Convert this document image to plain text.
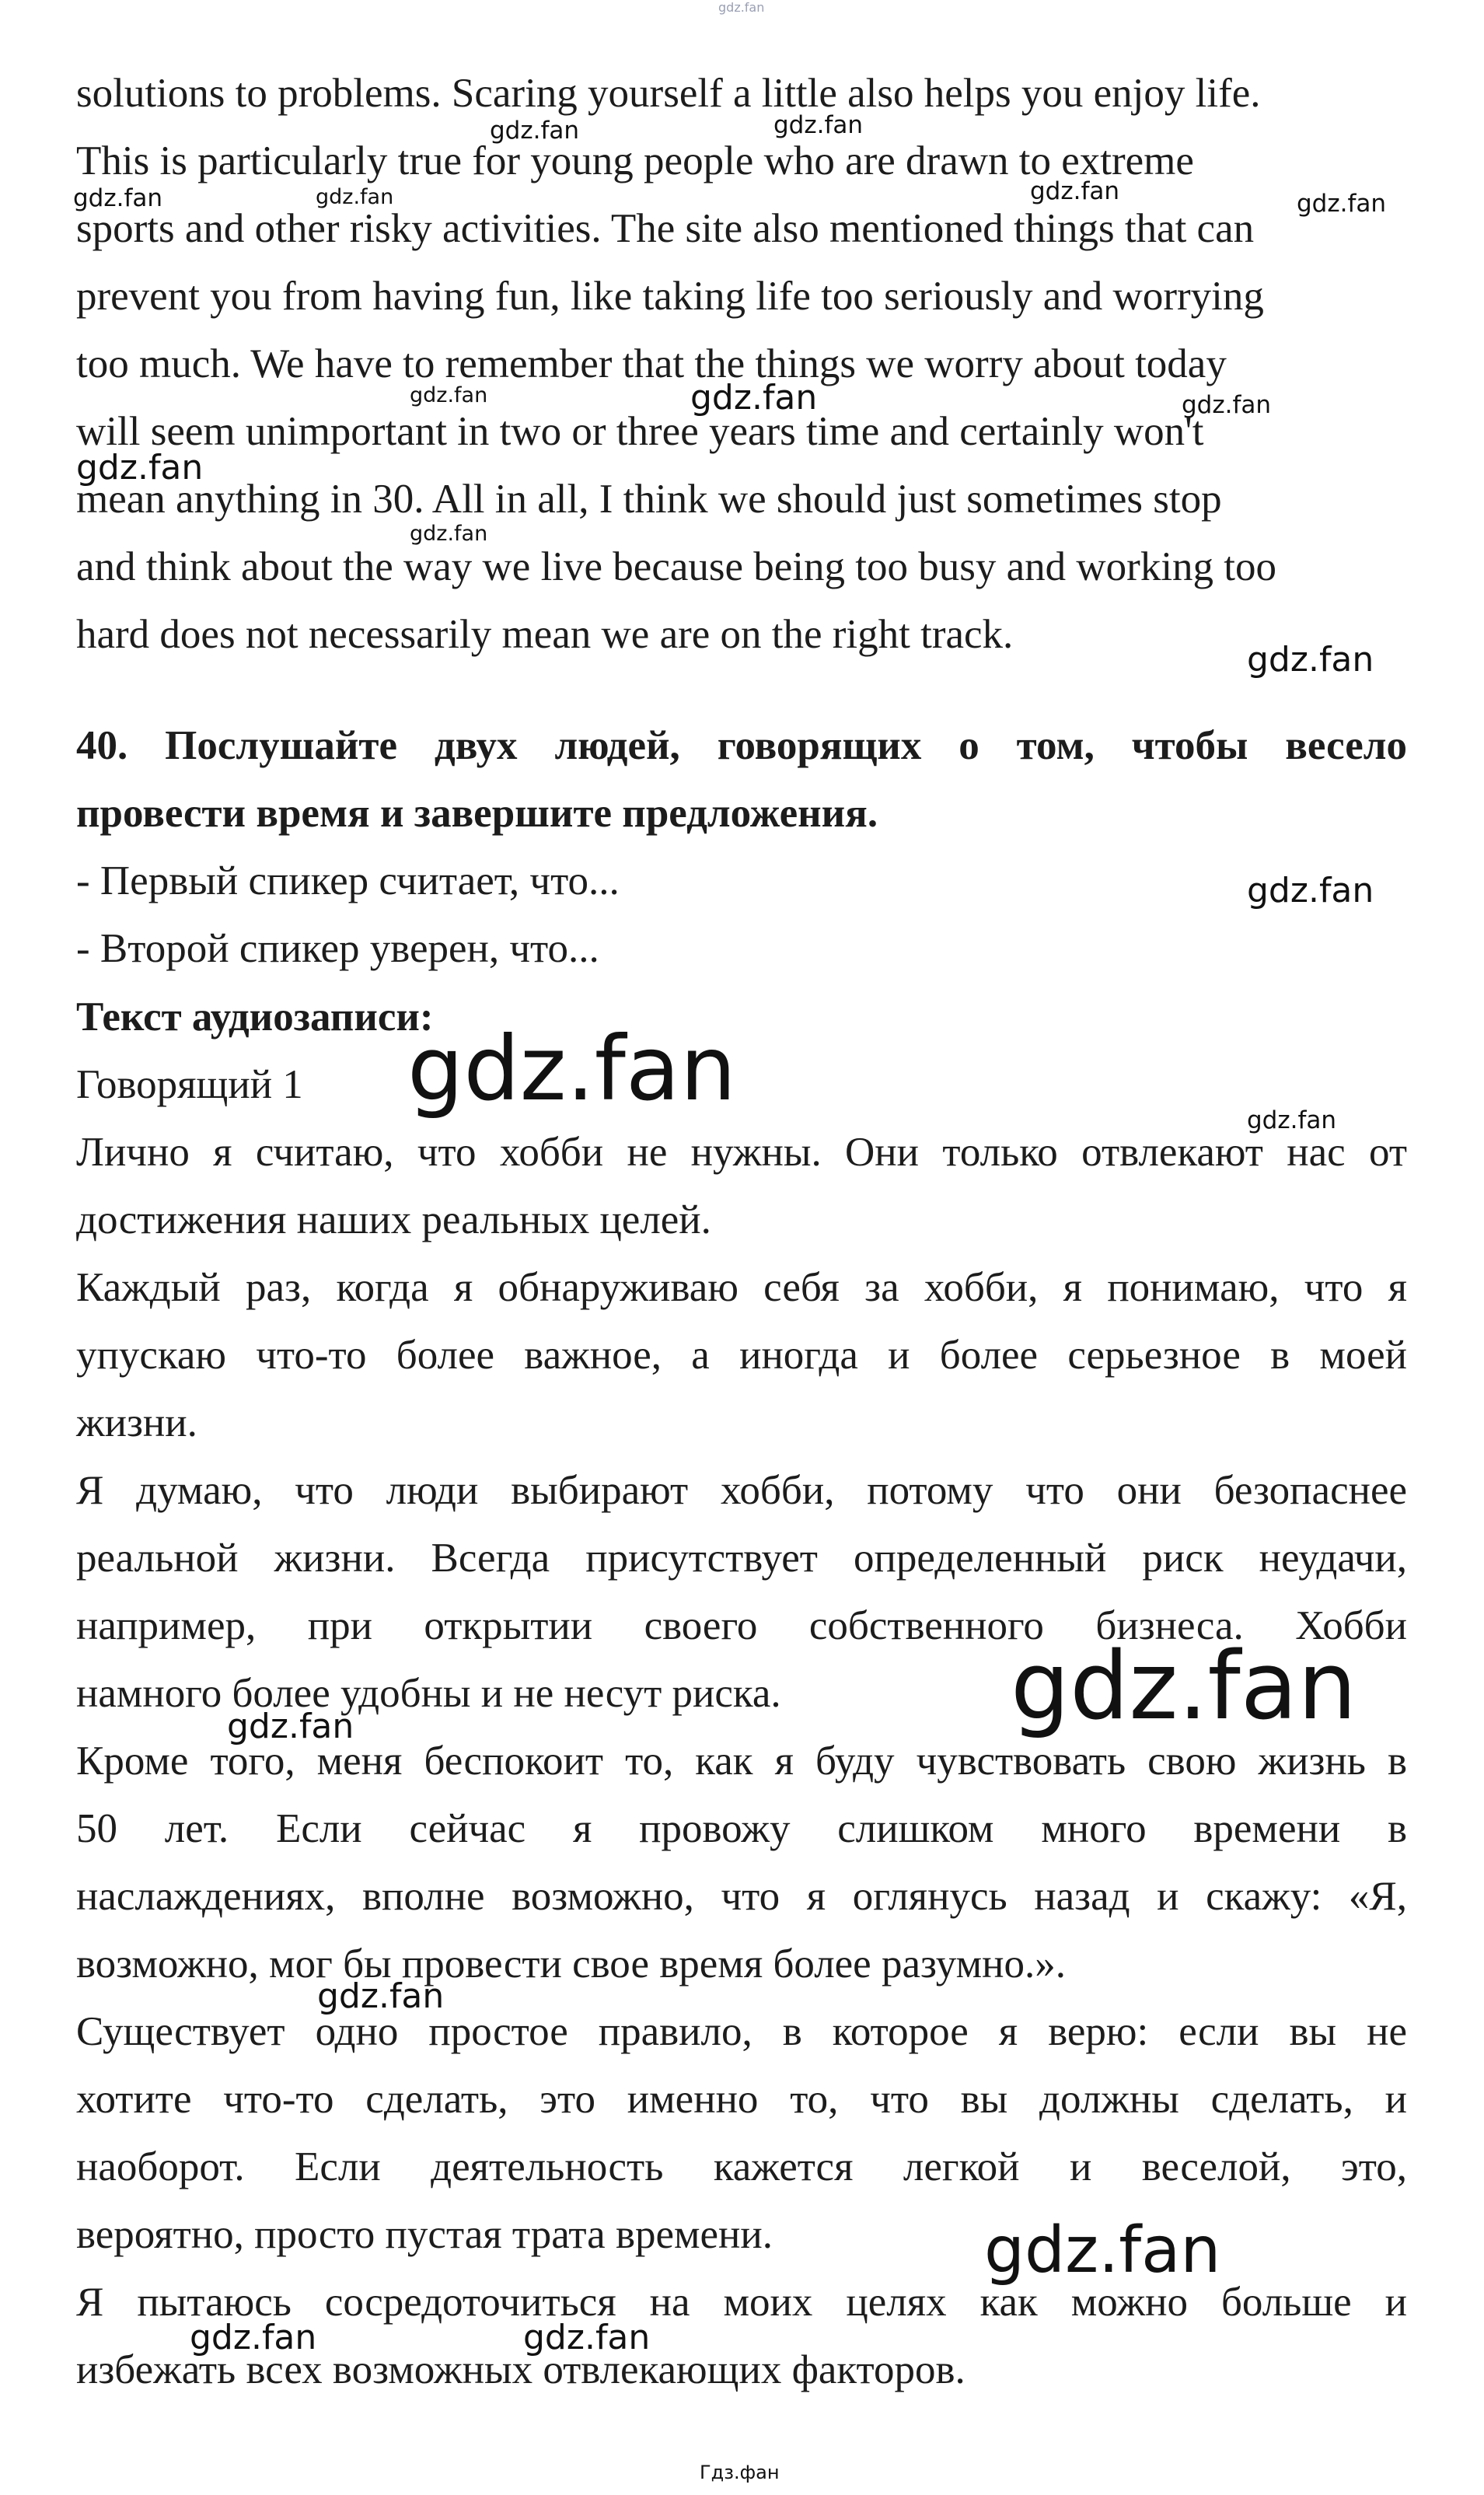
solutions to problems. Scaring yourself a little also helps you enjoy life.
This is particularly true for young people who are drawn to extreme
sports and other risky activities. The site also mentioned things that can
prevent you from having fun, like taking life too seriously and worrying
too much. We have to remember that the things we worry about today
will seem unimportant in two or three years time and certainly won't
mean anything in 30. All in all, I think we should just sometimes stop
and think about the way we live because being too busy and working too
hard does not necessarily mean we are on the right track.
40. Послушайте двух людей, говорящих о том, чтобы весело
провести время и завершите предложения.
- Первый спикер считает, что...
- Второй спикер уверен, что...
Текст аудиозаписи:
Говорящий 1
Лично я считаю, что хобби не нужны. Они только отвлекают нас от
достижения наших реальных целей.
Каждый раз, когда я обнаруживаю себя за хобби, я понимаю, что я
упускаю что-то более важное, а иногда и более серьезное в моей
жизни.
Я думаю, что люди выбирают хобби, потому что они безопаснее
реальной жизни. Всегда присутствует определенный риск неудачи,
например, при открытии своего собственного бизнеса. Хобби
намного более удобны и не несут риска.
Кроме того, меня беспокоит то, как я буду чувствовать свою жизнь в
50 лет. Если сейчас я провожу слишком много времени в
наслаждениях, вполне возможно, что я оглянусь назад и скажу: «Я,
возможно, мог бы провести свое время более разумно.».
Существует одно простое правило, в которое я верю: если вы не
хотите что-то сделать, это именно то, что вы должны сделать, и
наоборот. Если деятельность кажется легкой и веселой, это,
вероятно, просто пустая трата времени.
Я пытаюсь сосредоточиться на моих целях как можно больше и
избежать всех возможных отвлекающих факторов.
gdz.fan
gdz.fan	gdz.fan
gdz.fan	gdz.fan	gdz.fan	gdz.fan
gdz.fan	gdz.fan	gdz.fan
gdz.fan
gdz.fan
gdz.fan
gdz.fan
gdz.fan	gdz.fan
gdz.fan
gdz.fan
gdz.fan
gdz.fan
gdz.fan	gdz.fan
Гдз.фан
